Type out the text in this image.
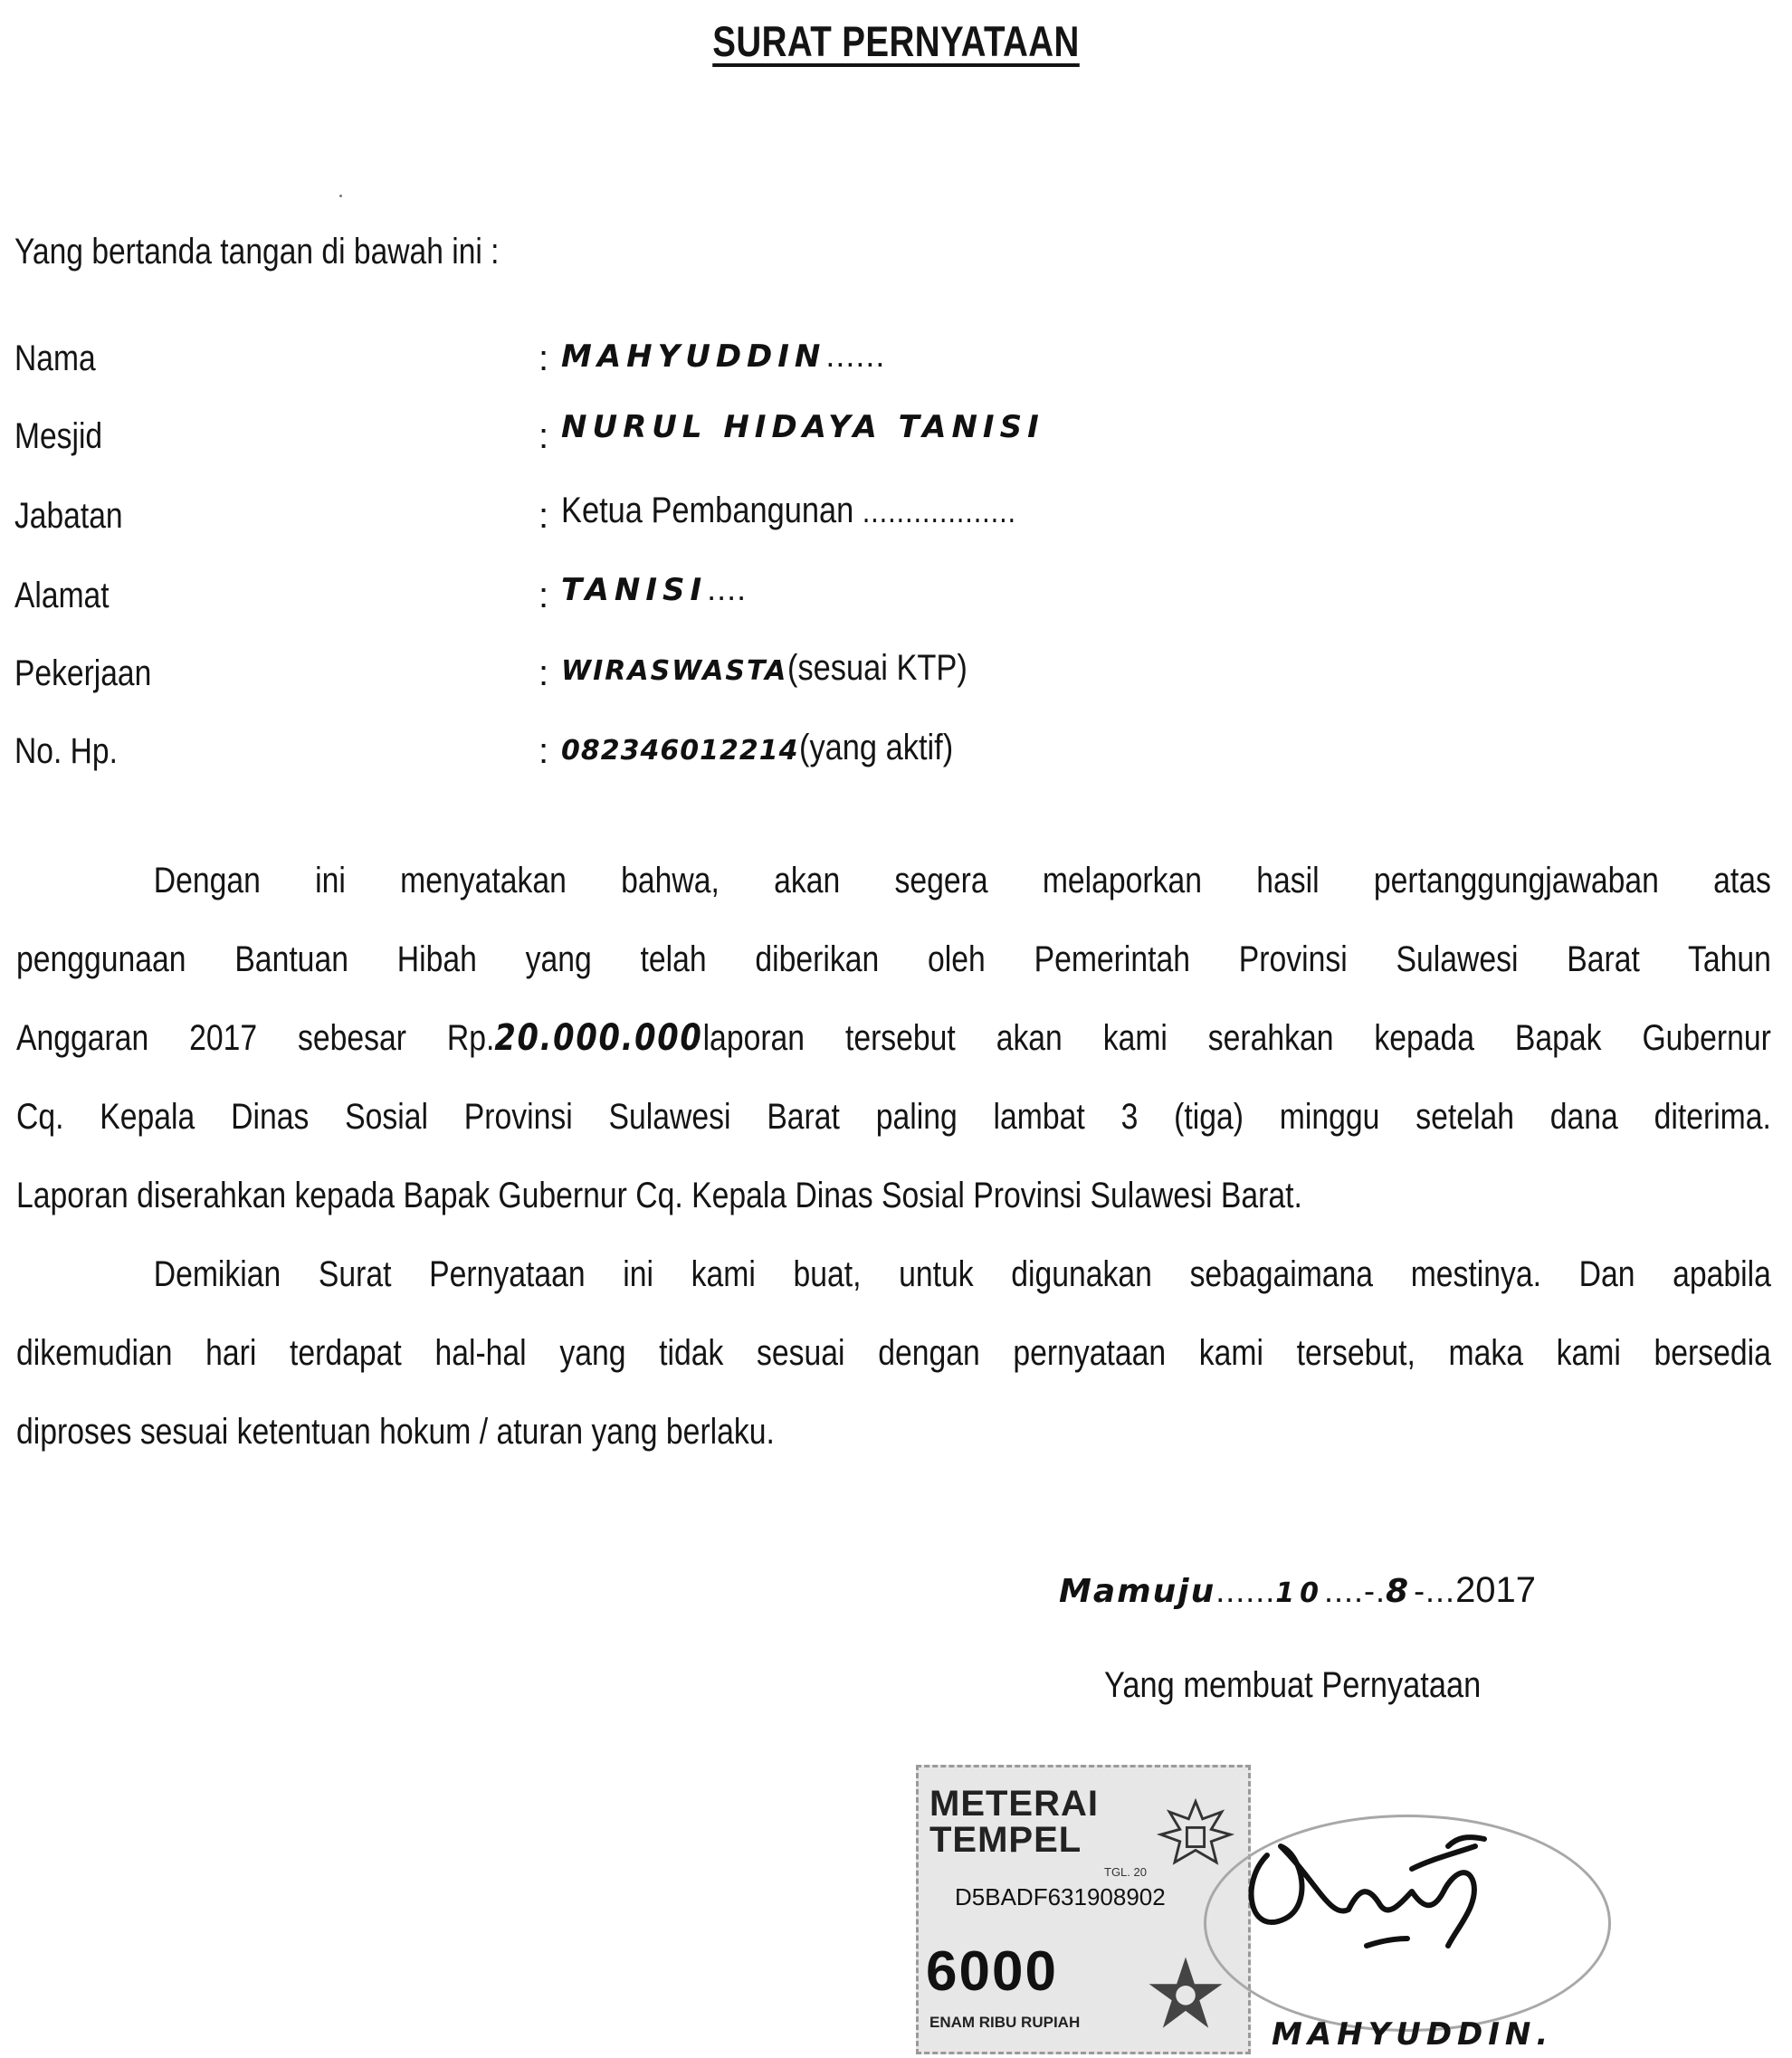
SURAT PERNYATAAN
Yang bertanda tangan di bawah ini :
Nama	: MAHYUDDIN......
Mesjid	: NURUL HIDAYA TANISI
Jabatan	: Ketua Pembangunan ..................
Alamat	: TANISI....
Pekerjaan	: WIRASWASTA(sesuai KTP)
No. Hp.	: 082346012214(yang aktif)
Dengan ini menyatakan bahwa, akan segera melaporkan hasil pertanggungjawaban atas
penggunaan Bantuan Hibah yang telah diberikan oleh Pemerintah Provinsi Sulawesi Barat Tahun
Anggaran 2017 sebesar Rp.20.000.000laporan tersebut akan kami serahkan kepada Bapak Gubernur
Cq. Kepala Dinas Sosial Provinsi Sulawesi Barat paling lambat 3 (tiga) minggu setelah dana diterima.
Laporan diserahkan kepada Bapak Gubernur Cq. Kepala Dinas Sosial Provinsi Sulawesi Barat.
Demikian Surat Pernyataan ini kami buat, untuk digunakan sebagaimana mestinya. Dan apabila
dikemudian hari terdapat hal-hal yang tidak sesuai dengan pernyataan kami tersebut, maka kami bersedia
diproses sesuai ketentuan hokum / aturan yang berlaku.
Mamuju......10....-.8-...2017
Yang membuat Pernyataan
METERAI
TEMPEL
TGL. 20
D5BADF631908902
6000
ENAM RIBU RUPIAH	MAHYUDDIN.
